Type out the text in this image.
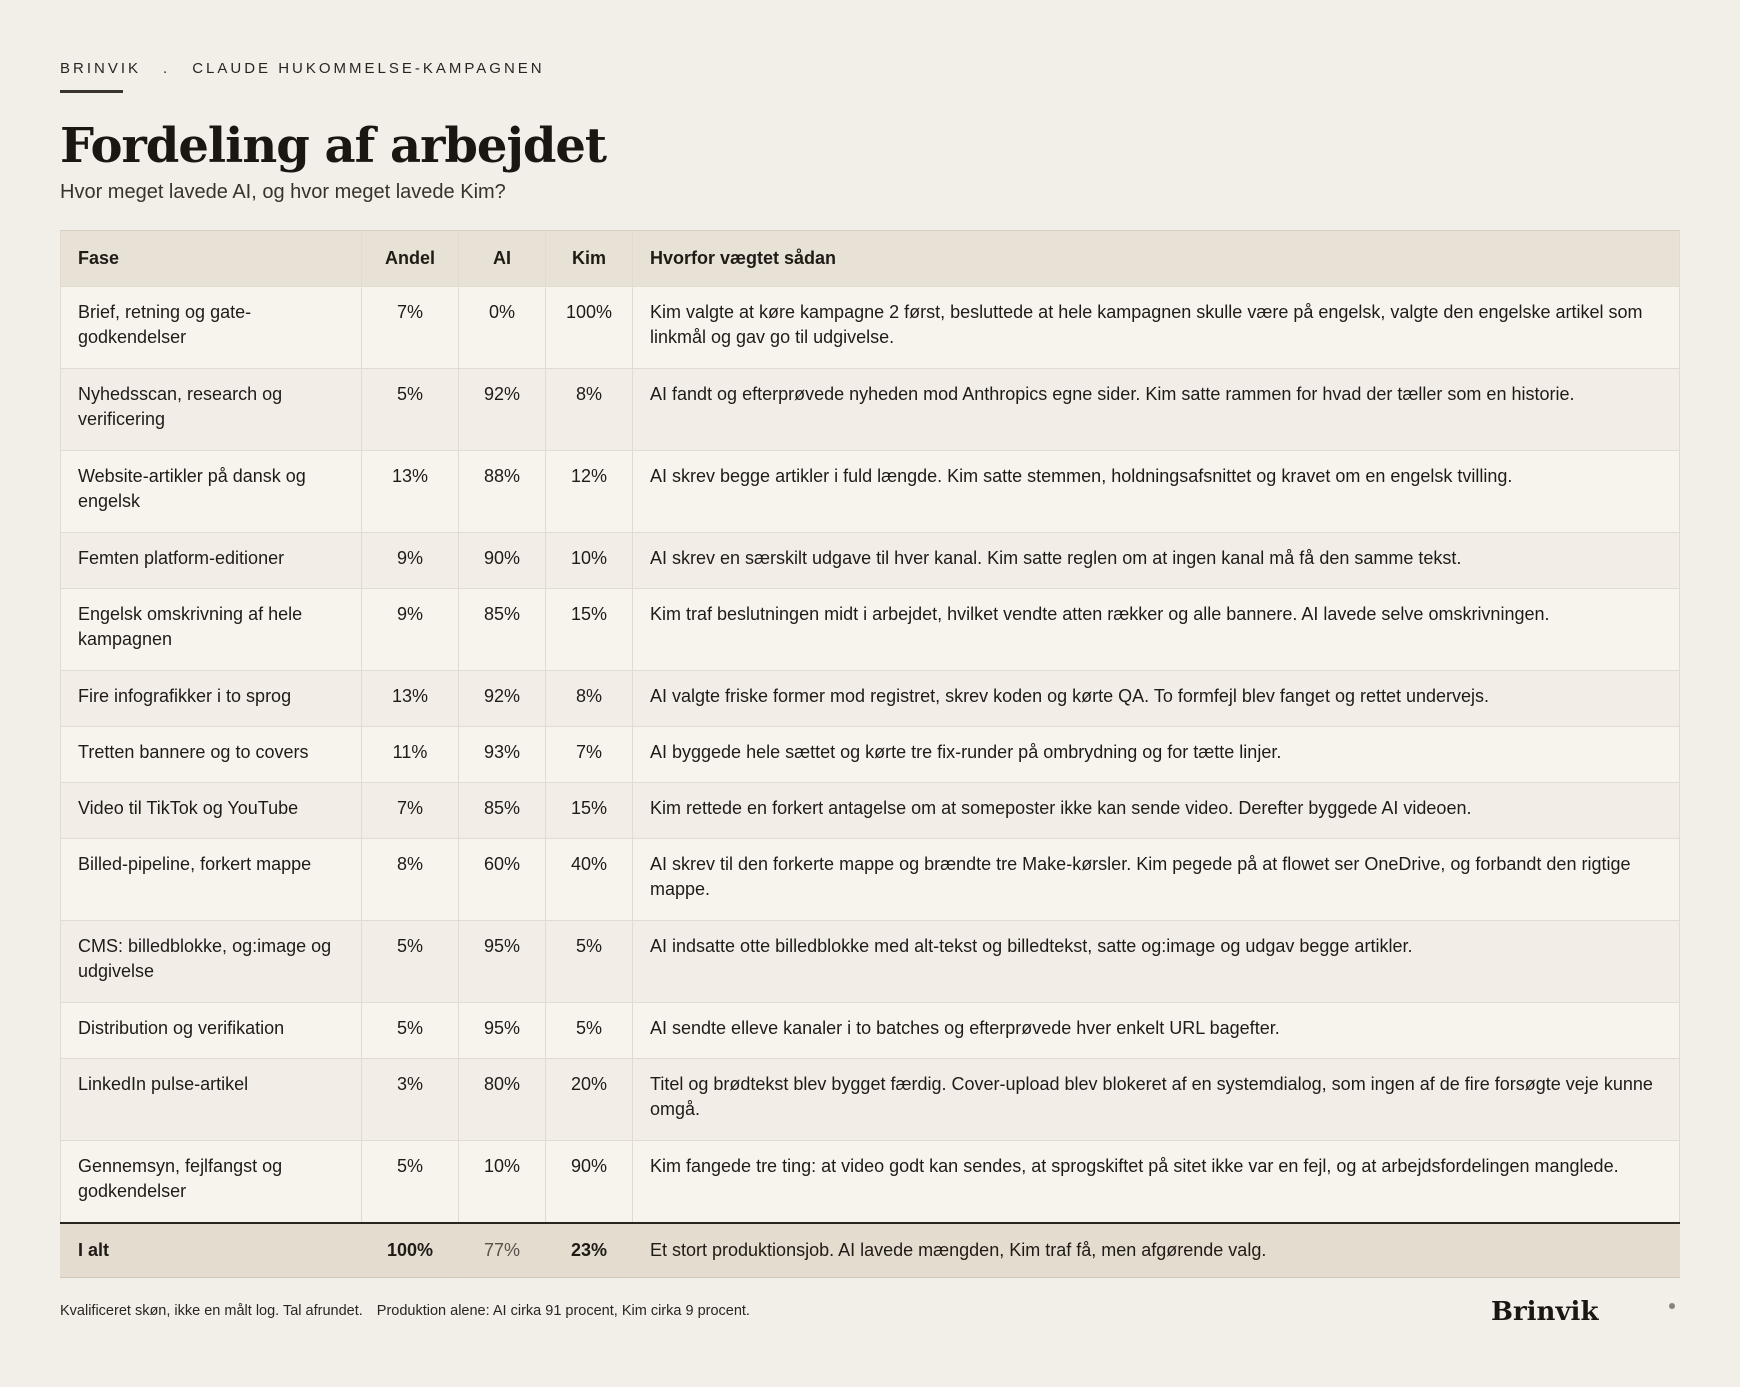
BRINVIK . CLAUDE HUKOMMELSE-KAMPAGNEN
Fordeling af arbejdet
Hvor meget lavede AI, og hvor meget lavede Kim?
Fase	Andel	AI	Kim	Hvorfor vægtet sådan
Brief, retning og gate-godkendelser	7%	0%	100%	Kim valgte at køre kampagne 2 først, besluttede at hele kampagnen skulle være på engelsk, valgte den engelske artikel som linkmål og gav go til udgivelse.
Nyhedsscan, research og verificering	5%	92%	8%	AI fandt og efterprøvede nyheden mod Anthropics egne sider. Kim satte rammen for hvad der tæller som en historie.
Website-artikler på dansk og engelsk	13%	88%	12%	AI skrev begge artikler i fuld længde. Kim satte stemmen, holdningsafsnittet og kravet om en engelsk tvilling.
Femten platform-editioner	9%	90%	10%	AI skrev en særskilt udgave til hver kanal. Kim satte reglen om at ingen kanal må få den samme tekst.
Engelsk omskrivning af hele kampagnen	9%	85%	15%	Kim traf beslutningen midt i arbejdet, hvilket vendte atten rækker og alle bannere. AI lavede selve omskrivningen.
Fire infografikker i to sprog	13%	92%	8%	AI valgte friske former mod registret, skrev koden og kørte QA. To formfejl blev fanget og rettet undervejs.
Tretten bannere og to covers	11%	93%	7%	AI byggede hele sættet og kørte tre fix-runder på ombrydning og for tætte linjer.
Video til TikTok og YouTube	7%	85%	15%	Kim rettede en forkert antagelse om at someposter ikke kan sende video. Derefter byggede AI videoen.
Billed-pipeline, forkert mappe	8%	60%	40%	AI skrev til den forkerte mappe og brændte tre Make-kørsler. Kim pegede på at flowet ser OneDrive, og forbandt den rigtige mappe.
CMS: billedblokke, og:image og udgivelse	5%	95%	5%	AI indsatte otte billedblokke med alt-tekst og billedtekst, satte og:image og udgav begge artikler.
Distribution og verifikation	5%	95%	5%	AI sendte elleve kanaler i to batches og efterprøvede hver enkelt URL bagefter.
LinkedIn pulse-artikel	3%	80%	20%	Titel og brødtekst blev bygget færdig. Cover-upload blev blokeret af en systemdialog, som ingen af de fire forsøgte veje kunne omgå.
Gennemsyn, fejlfangst og godkendelser	5%	10%	90%	Kim fangede tre ting: at video godt kan sendes, at sprogskiftet på sitet ikke var en fejl, og at arbejdsfordelingen manglede.
I alt	100%	77%	23%	Et stort produktionsjob. AI lavede mængden, Kim traf få, men afgørende valg.
Kvalificeret skøn, ikke en målt log. Tal afrundet. Produktion alene: AI cirka 91 procent, Kim cirka 9 procent.	Brinvik
